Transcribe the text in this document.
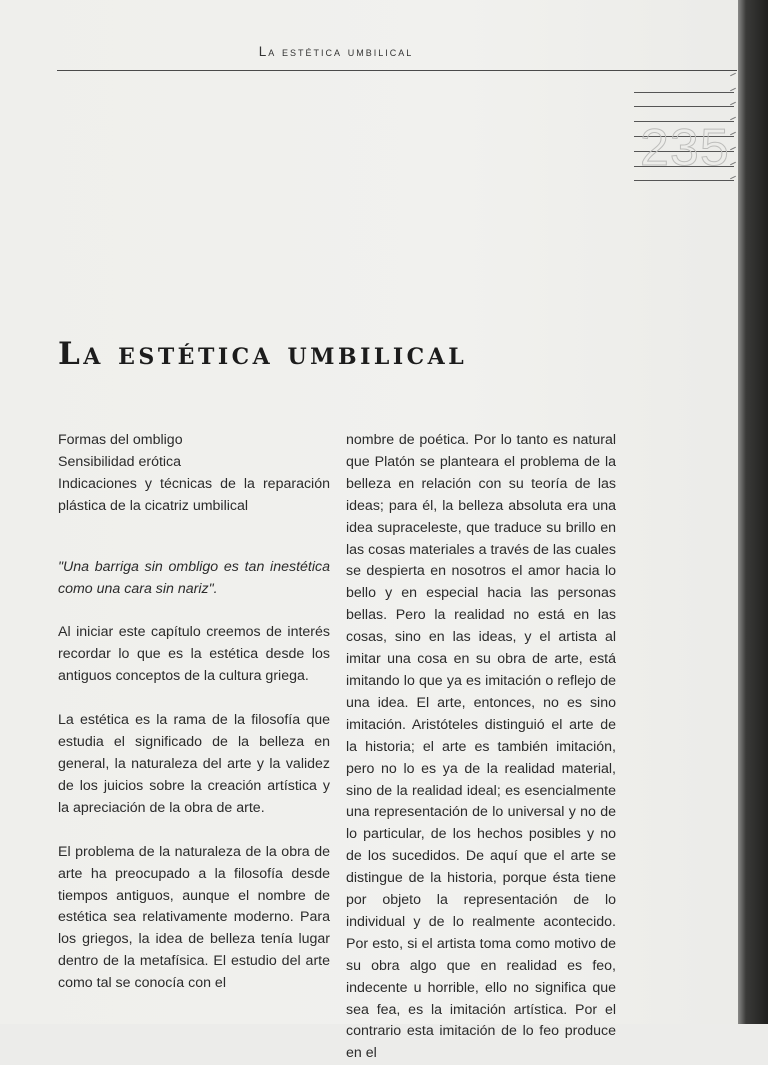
La estética umbilical
235
La estética umbilical

Formas del ombligo
Sensibilidad erótica
Indicaciones y técnicas de la reparación plástica de la cicatriz umbilical

"Una barriga sin ombligo es tan inestética como una cara sin nariz".

Al iniciar este capítulo creemos de interés recordar lo que es la estética desde los antiguos conceptos de la cultura griega.

La estética es la rama de la filosofía que estudia el significado de la belleza en general, la naturaleza del arte y la validez de los juicios sobre la creación artística y la apreciación de la obra de arte.

El problema de la naturaleza de la obra de arte ha preocupado a la filosofía desde tiempos antiguos, aunque el nombre de estética sea relativamente moderno. Para los griegos, la idea de belleza tenía lugar dentro de la metafísica. El estudio del arte como tal se conocía con el

nombre de poética. Por lo tanto es natural que Platón se planteara el problema de la belleza en relación con su teoría de las ideas; para él, la belleza absoluta era una idea supraceleste, que traduce su brillo en las cosas materiales a través de las cuales se despierta en nosotros el amor hacia lo bello y en especial hacia las personas bellas. Pero la realidad no está en las cosas, sino en las ideas, y el artista al imitar una cosa en su obra de arte, está imitando lo que ya es imitación o reflejo de una idea. El arte, entonces, no es sino imitación. Aristóteles distinguió el arte de la historia; el arte es también imitación, pero no lo es ya de la realidad material, sino de la realidad ideal; es esencialmente una representación de lo universal y no de lo particular, de los hechos posibles y no de los sucedidos. De aquí que el arte se distingue de la historia, porque ésta tiene por objeto la representación de lo individual y de lo realmente acontecido. Por esto, si el artista toma como motivo de su obra algo que en realidad es feo, indecente u horrible, ello no significa que sea fea, es la imitación artística. Por el contrario esta imitación de lo feo produce en el
